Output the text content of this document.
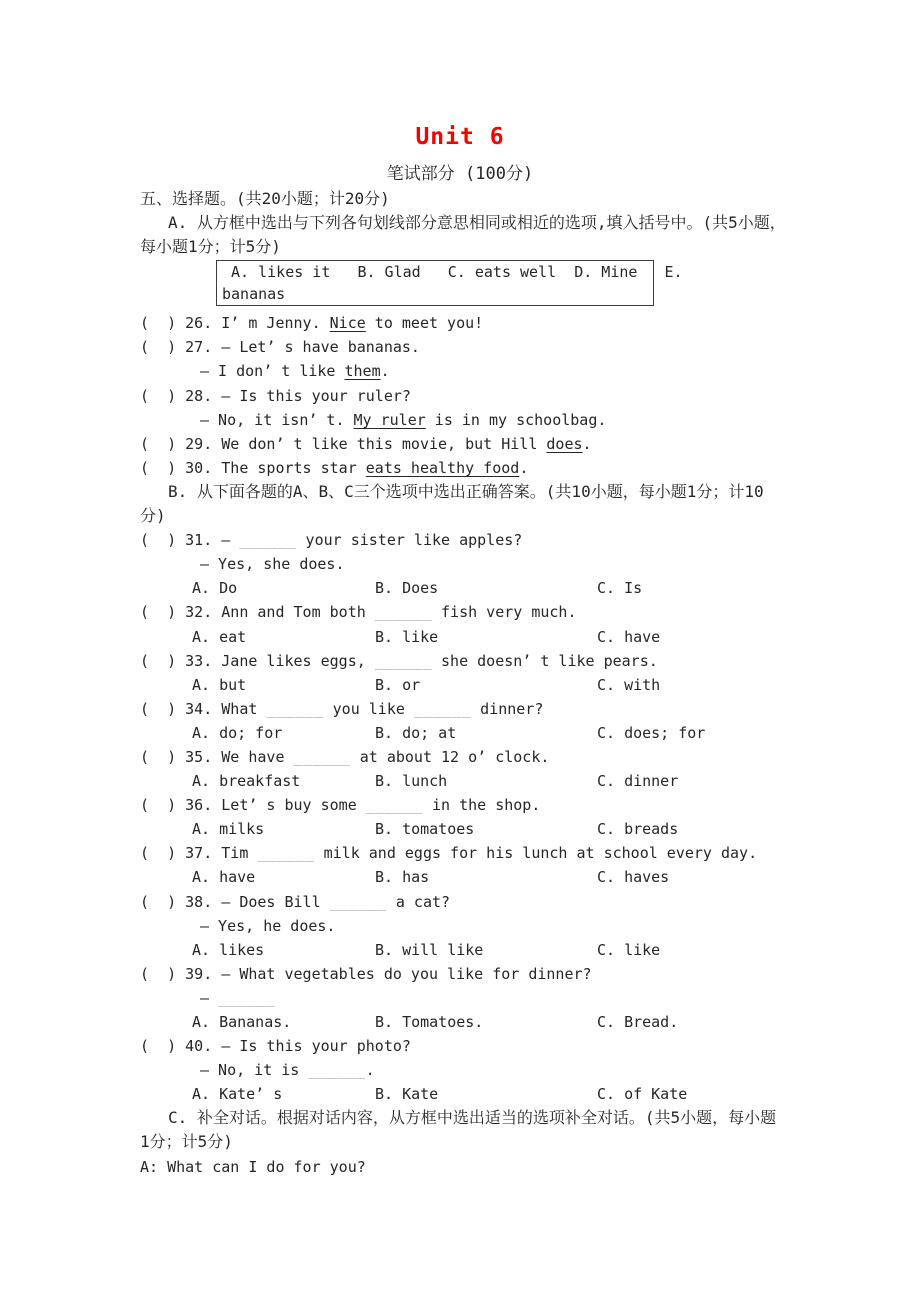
Unit 6
笔试部分 (100分)
五、选择题。(共20小题；计20分)
A. 从方框中选出与下列各句划线部分意思相同或相近的选项,填入括号中。(共5小题，
每小题1分；计5分)
A. likes it   B. Glad   C. eats well  D. Mine   E.
bananas
(  ) 26. I’ m Jenny. Nice to meet you!
(  ) 27. — Let’ s have bananas.
— I don’ t like them.
(  ) 28. — Is this your ruler?
— No, it isn’ t. My ruler is in my schoolbag.
(  ) 29. We don’ t like this movie, but Hill does.
(  ) 30. The sports star eats healthy food.
B. 从下面各题的A、B、C三个选项中选出正确答案。(共10小题，每小题1分；计10
分)
(  ) 31. — ______ your sister like apples?
— Yes, she does.
A. Do	B. Does	C. Is
(  ) 32. Ann and Tom both ______ fish very much.
A. eat	B. like	C. have
(  ) 33. Jane likes eggs, ______ she doesn’ t like pears.
A. but	B. or	C. with
(  ) 34. What ______ you like ______ dinner?
A. do; for	B. do; at	C. does; for
(  ) 35. We have ______ at about 12 o’ clock.
A. breakfast	B. lunch	C. dinner
(  ) 36. Let’ s buy some ______ in the shop.
A. milks	B. tomatoes	C. breads
(  ) 37. Tim ______ milk and eggs for his lunch at school every day.
A. have	B. has	C. haves
(  ) 38. — Does Bill ______ a cat?
— Yes, he does.
A. likes	B. will like	C. like
(  ) 39. — What vegetables do you like for dinner?
— ______
A. Bananas.	B. Tomatoes.	C. Bread.
(  ) 40. — Is this your photo?
— No, it is ______.
A. Kate’ s	B. Kate	C. of Kate
C. 补全对话。根据对话内容，从方框中选出适当的选项补全对话。(共5小题，每小题
1分；计5分)
A: What can I do for you?
